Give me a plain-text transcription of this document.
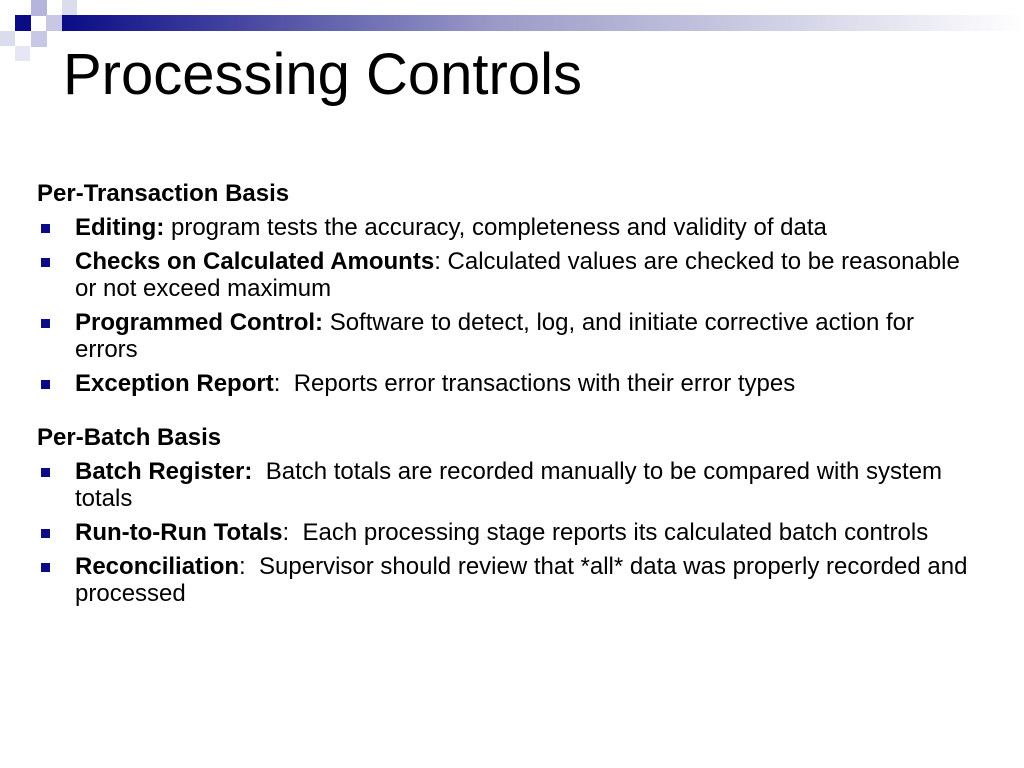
Processing Controls
Per-Transaction Basis
Editing: program tests the accuracy, completeness and validity of data
Checks on Calculated Amounts: Calculated values are checked to be reasonable or not exceed maximum
Programmed Control: Software to detect, log, and initiate corrective action for errors
Exception Report:  Reports error transactions with their error types
Per-Batch Basis
Batch Register: Batch totals are recorded manually to be compared with system totals
Run-to-Run Totals:  Each processing stage reports its calculated batch controls
Reconciliation:  Supervisor should review that *all* data was properly recorded and processed
